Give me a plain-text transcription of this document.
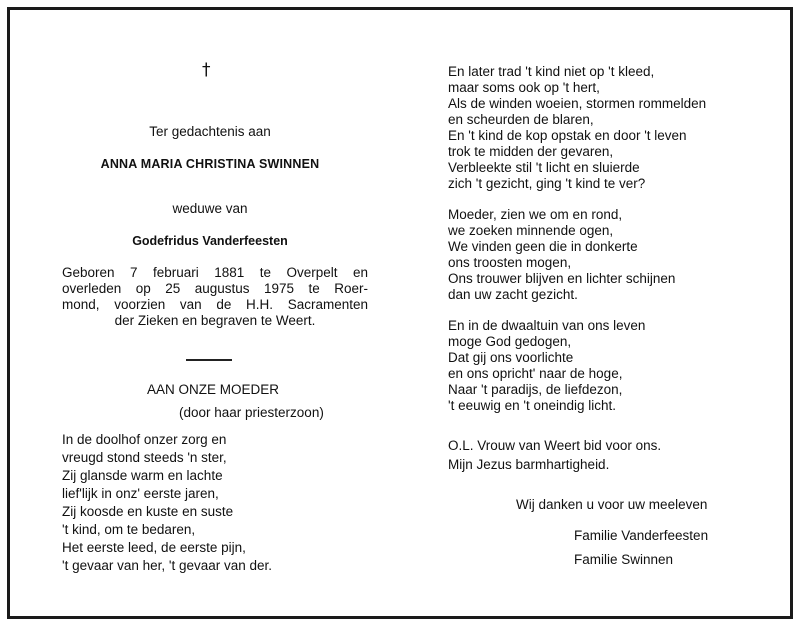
†
Ter gedachtenis aan
ANNA MARIA CHRISTINA SWINNEN
weduwe van
Godefridus Vanderfeesten
Geboren 7 februari 1881 te Overpelt en
overleden op 25 augustus 1975 te Roer-
mond, voorzien van de H.H. Sacramenten
der Zieken en begraven te Weert.
AAN ONZE MOEDER
(door haar priesterzoon)
In de doolhof onzer zorg en
vreugd stond steeds 'n ster,
Zij glansde warm en lachte
lief'lijk in onz' eerste jaren,
Zij koosde en kuste en suste
't kind, om te bedaren,
Het eerste leed, de eerste pijn,
't gevaar van her, 't gevaar van der.
En later trad 't kind niet op 't kleed,
maar soms ook op 't hert,
Als de winden woeien, stormen rommelden
en scheurden de blaren,
En 't kind de kop opstak en door 't leven
trok te midden der gevaren,
Verbleekte stil 't licht en sluierde
zich 't gezicht, ging 't kind te ver?
Moeder, zien we om en rond,
we zoeken minnende ogen,
We vinden geen die in donkerte
ons troosten mogen,
Ons trouwer blijven en lichter schijnen
dan uw zacht gezicht.
En in de dwaaltuin van ons leven
moge God gedogen,
Dat gij ons voorlichte
en ons opricht' naar de hoge,
Naar 't paradijs, de liefdezon,
't eeuwig en 't oneindig licht.
O.L. Vrouw van Weert bid voor ons.
Mijn Jezus barmhartigheid.
Wij danken u voor uw meeleven
Familie Vanderfeesten
Familie Swinnen
